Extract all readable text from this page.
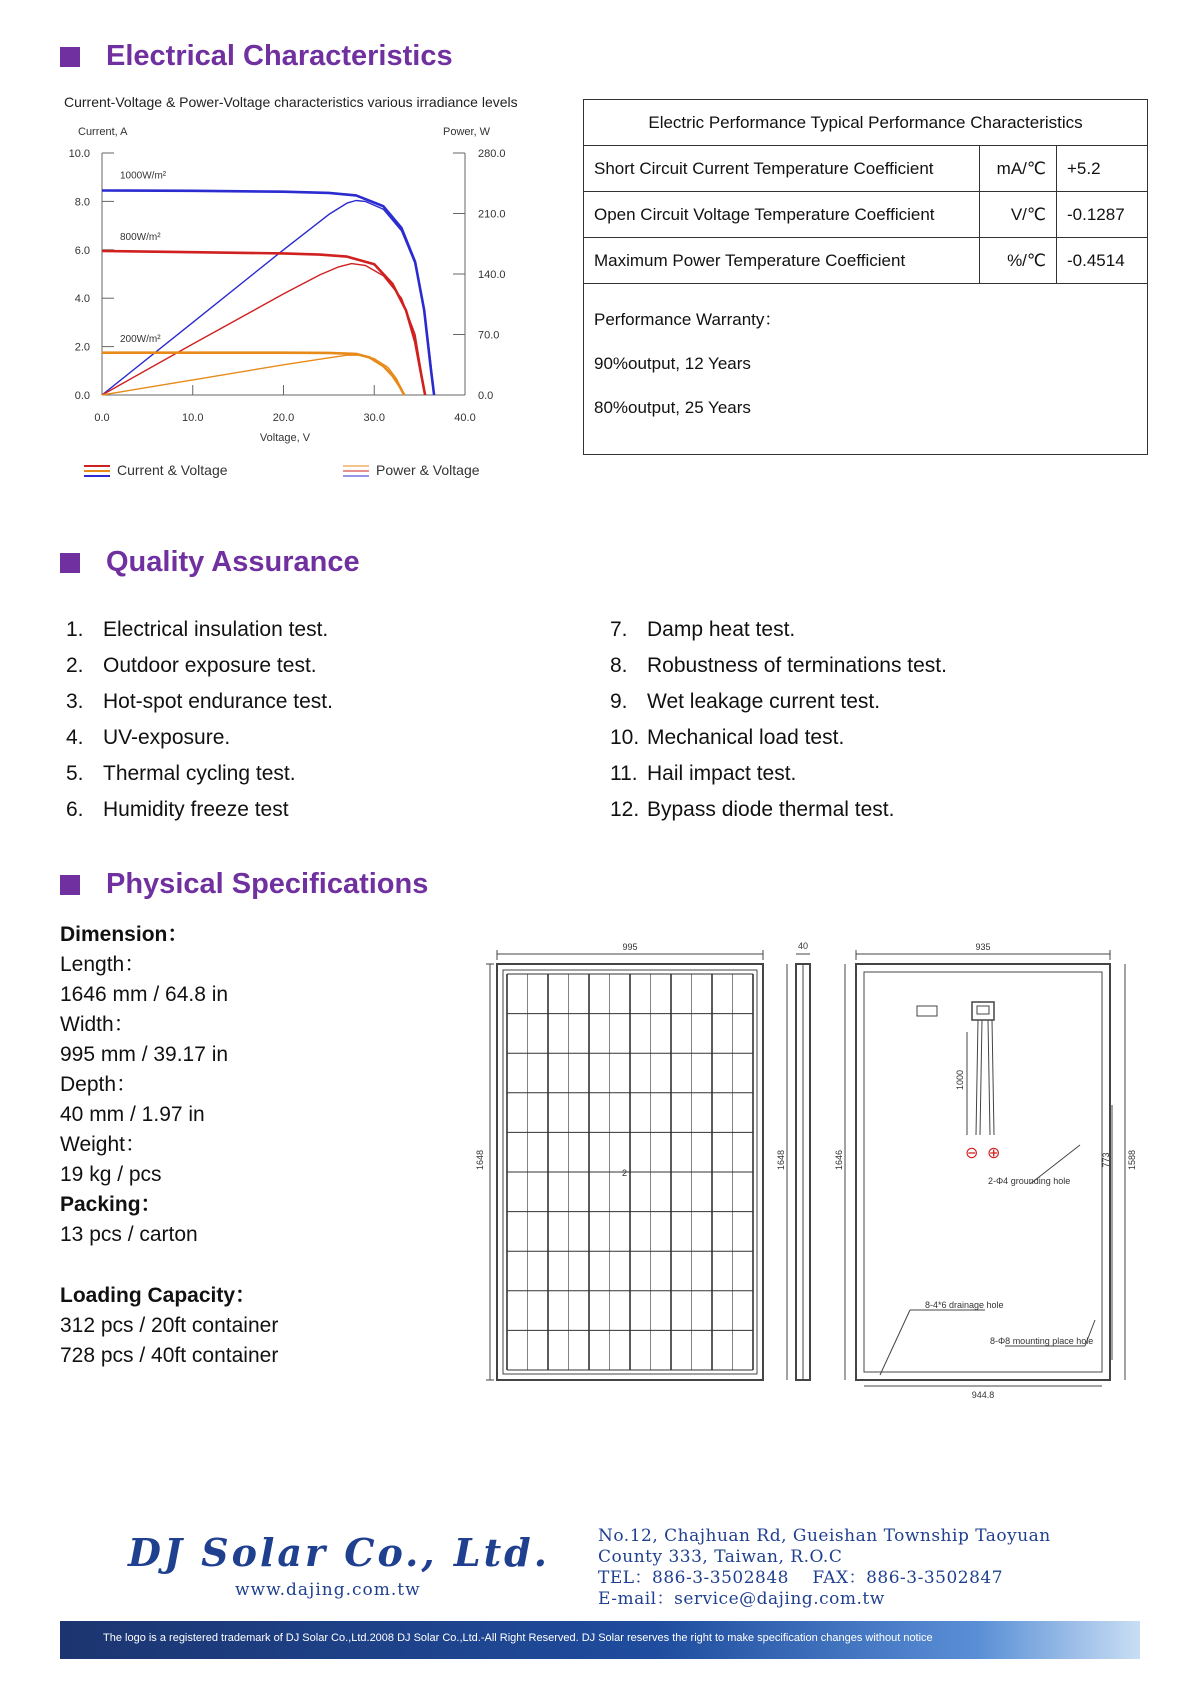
Electrical Characteristics
Current-Voltage & Power-Voltage characteristics various irradiance levels
0.0
2.0
4.0
6.0
8.0
10.0
0.0
70.0
140.0
210.0
280.0
0.0	10.0	20.0	30.0	40.0
Current, A	Power, W
Voltage, V
1000W/m²
800W/m²
200W/m²
Current & Voltage	Power & Voltage
Electric Performance Typical Performance Characteristics		
Short Circuit Current Temperature Coefficient	mA/℃	+5.2
Open Circuit Voltage Temperature Coefficient	V/℃	-0.1287
Maximum Power Temperature Coefficient	%/℃	-0.4514

Performance Warranty：
90%output, 12 Years
80%output, 25 Years		
Quality Assurance
1. Electrical insulation test.
2. Outdoor exposure test.
3. Hot-spot endurance test.
4. UV-exposure.
5. Thermal cycling test.
6. Humidity freeze test
7. Damp heat test.
8. Robustness of terminations test.
9. Wet leakage current test.
10. Mechanical load test.
11. Hail impact test.
12. Bypass diode thermal test.
Physical Specifications
Dimension：
Length：
1646 mm / 64.8 in
Width：
995 mm / 39.17 in
Depth：
40 mm / 1.97 in
Weight：
19 kg / pcs
Packing：
13 pcs / carton
Loading Capacity：
312 pcs / 20ft container
728 pcs / 40ft container
995	40	935
944.8
1648	1648	1646
1000
773 1588
2
2-Φ4 grounding hole
8-4*6 drainage hole
8-Φ8 mounting place hole
⊖ ⊕
DJ Solar Co., Ltd.
www.dajing.com.tw
No.12, Chajhuan Rd, Gueishan Township Taoyuan
County 333, Taiwan, R.O.C
TEL：886-3-3502848　 FAX：886-3-3502847
E-mail：service@dajing.com.tw
The logo is a registered trademark of DJ Solar Co.,Ltd.2008 DJ Solar Co.,Ltd.-All Right Reserved. DJ Solar reserves the right to make specification changes without notice
